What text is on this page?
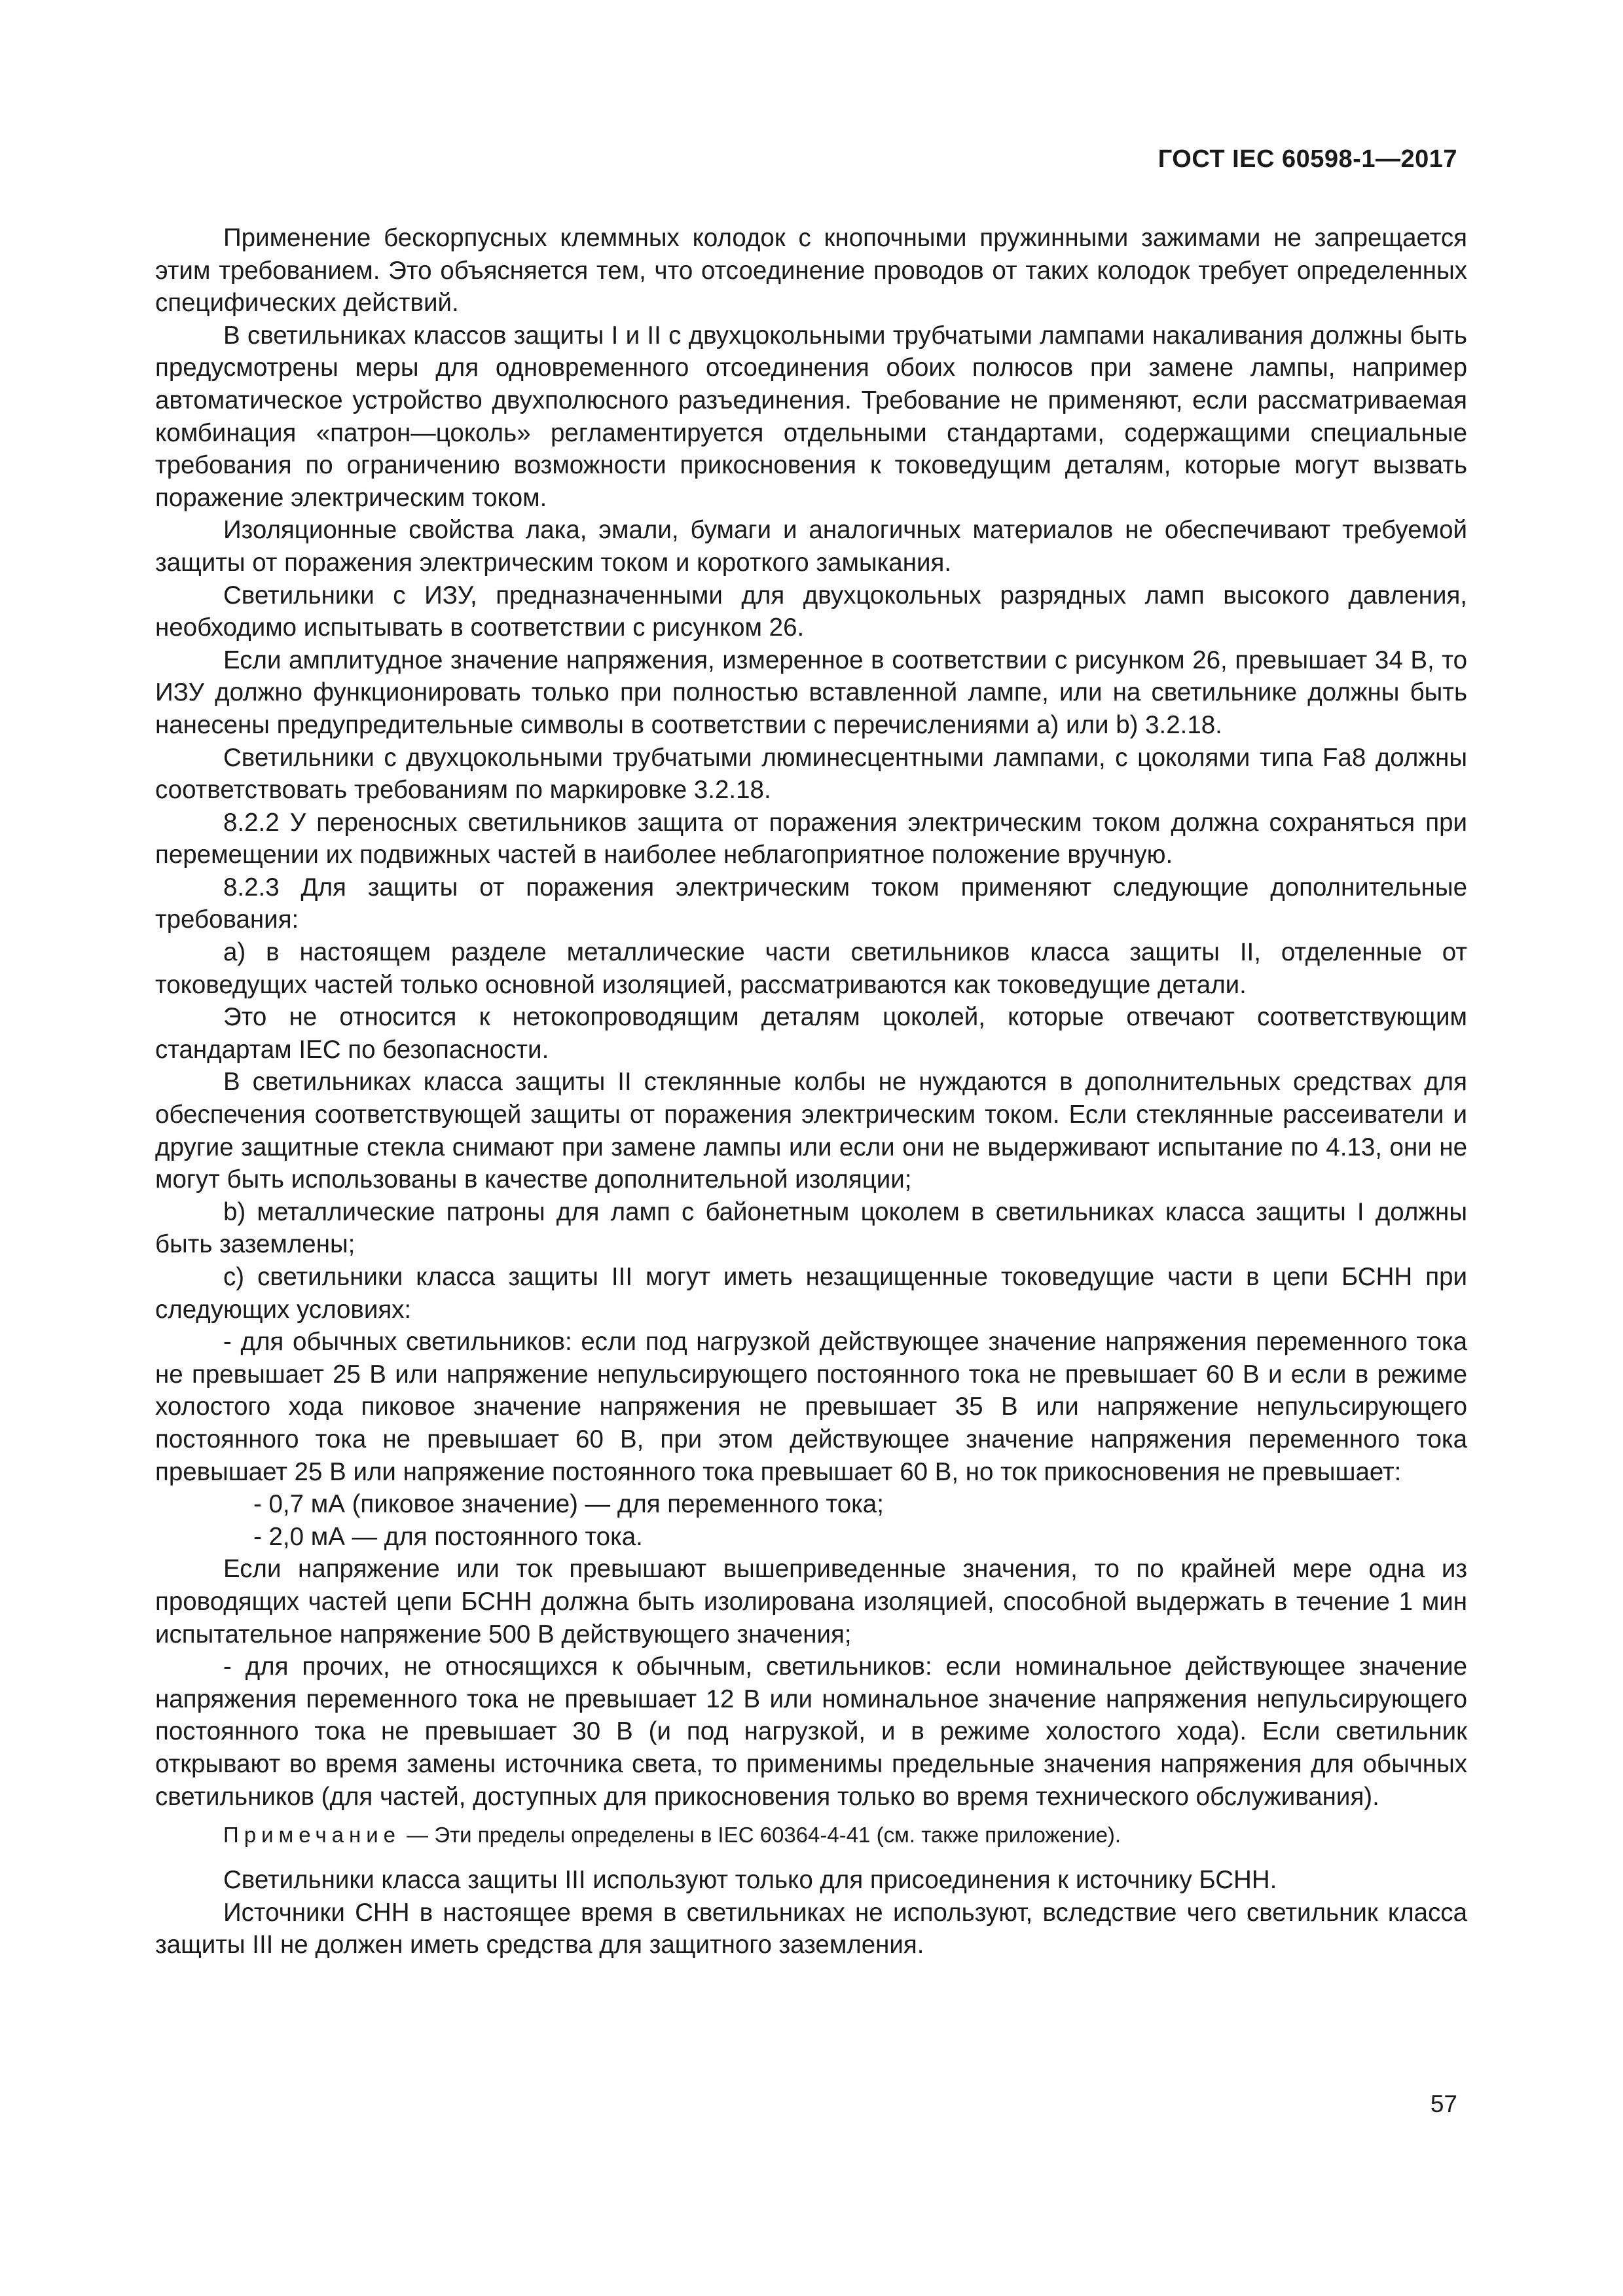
ГОСТ IEC 60598-1—2017

Применение бескорпусных клеммных колодок с кнопочными пружинными зажимами не запрещается этим требованием. Это объясняется тем, что отсоединение проводов от таких колодок требует определенных специфических действий.

В светильниках классов защиты I и II с двухцокольными трубчатыми лампами накаливания должны быть предусмотрены меры для одновременного отсоединения обоих полюсов при замене лампы, например автоматическое устройство двухполюсного разъединения. Требование не применяют, если рассматриваемая комбинация «патрон—цоколь» регламентируется отдельными стандартами, содержащими специальные требования по ограничению возможности прикосновения к токоведущим деталям, которые могут вызвать поражение электрическим током.

Изоляционные свойства лака, эмали, бумаги и аналогичных материалов не обеспечивают требуемой защиты от поражения электрическим током и короткого замыкания.

Светильники с ИЗУ, предназначенными для двухцокольных разрядных ламп высокого давления, необходимо испытывать в соответствии с рисунком 26.

Если амплитудное значение напряжения, измеренное в соответствии с рисунком 26, превышает 34 В, то ИЗУ должно функционировать только при полностью вставленной лампе, или на светильнике должны быть нанесены предупредительные символы в соответствии с перечислениями а) или b) 3.2.18.

Светильники с двухцокольными трубчатыми люминесцентными лампами, с цоколями типа Fa8 должны соответствовать требованиям по маркировке 3.2.18.

8.2.2 У переносных светильников защита от поражения электрическим током должна сохраняться при перемещении их подвижных частей в наиболее неблагоприятное положение вручную.

8.2.3 Для защиты от поражения электрическим током применяют следующие дополнительные требования:

а) в настоящем разделе металлические части светильников класса защиты II, отделенные от токоведущих частей только основной изоляцией, рассматриваются как токоведущие детали.

Это не относится к нетокопроводящим деталям цоколей, которые отвечают соответствующим стандартам IEC по безопасности.

В светильниках класса защиты II стеклянные колбы не нуждаются в дополнительных средствах для обеспечения соответствующей защиты от поражения электрическим током. Если стеклянные рассеиватели и другие защитные стекла снимают при замене лампы или если они не выдерживают испытание по 4.13, они не могут быть использованы в качестве дополнительной изоляции;

b) металлические патроны для ламп с байонетным цоколем в светильниках класса защиты I должны быть заземлены;

c) светильники класса защиты III могут иметь незащищенные токоведущие части в цепи БСНН при следующих условиях:

- для обычных светильников: если под нагрузкой действующее значение напряжения переменного тока не превышает 25 В или напряжение непульсирующего постоянного тока не превышает 60 В и если в режиме холостого хода пиковое значение напряжения не превышает 35 В или напряжение непульсирующего постоянного тока не превышает 60 В, при этом действующее значение напряжения переменного тока превышает 25 В или напряжение постоянного тока превышает 60 В, но ток прикосновения не превышает:

- 0,7 мА (пиковое значение) — для переменного тока;

- 2,0 мА — для постоянного тока.

Если напряжение или ток превышают вышеприведенные значения, то по крайней мере одна из проводящих частей цепи БСНН должна быть изолирована изоляцией, способной выдержать в течение 1 мин испытательное напряжение 500 В действующего значения;

- для прочих, не относящихся к обычным, светильников: если номинальное действующее значение напряжения переменного тока не превышает 12 В или номинальное значение напряжения непульсирующего постоянного тока не превышает 30 В (и под нагрузкой, и в режиме холостого хода). Если светильник открывают во время замены источника света, то применимы предельные значения напряжения для обычных светильников (для частей, доступных для прикосновения только во время технического обслуживания).

Примечание — Эти пределы определены в IEC 60364-4-41 (см. также приложение).

Светильники класса защиты III используют только для присоединения к источнику БСНН.

Источники СНН в настоящее время в светильниках не используют, вследствие чего светильник класса защиты III не должен иметь средства для защитного заземления.

57
